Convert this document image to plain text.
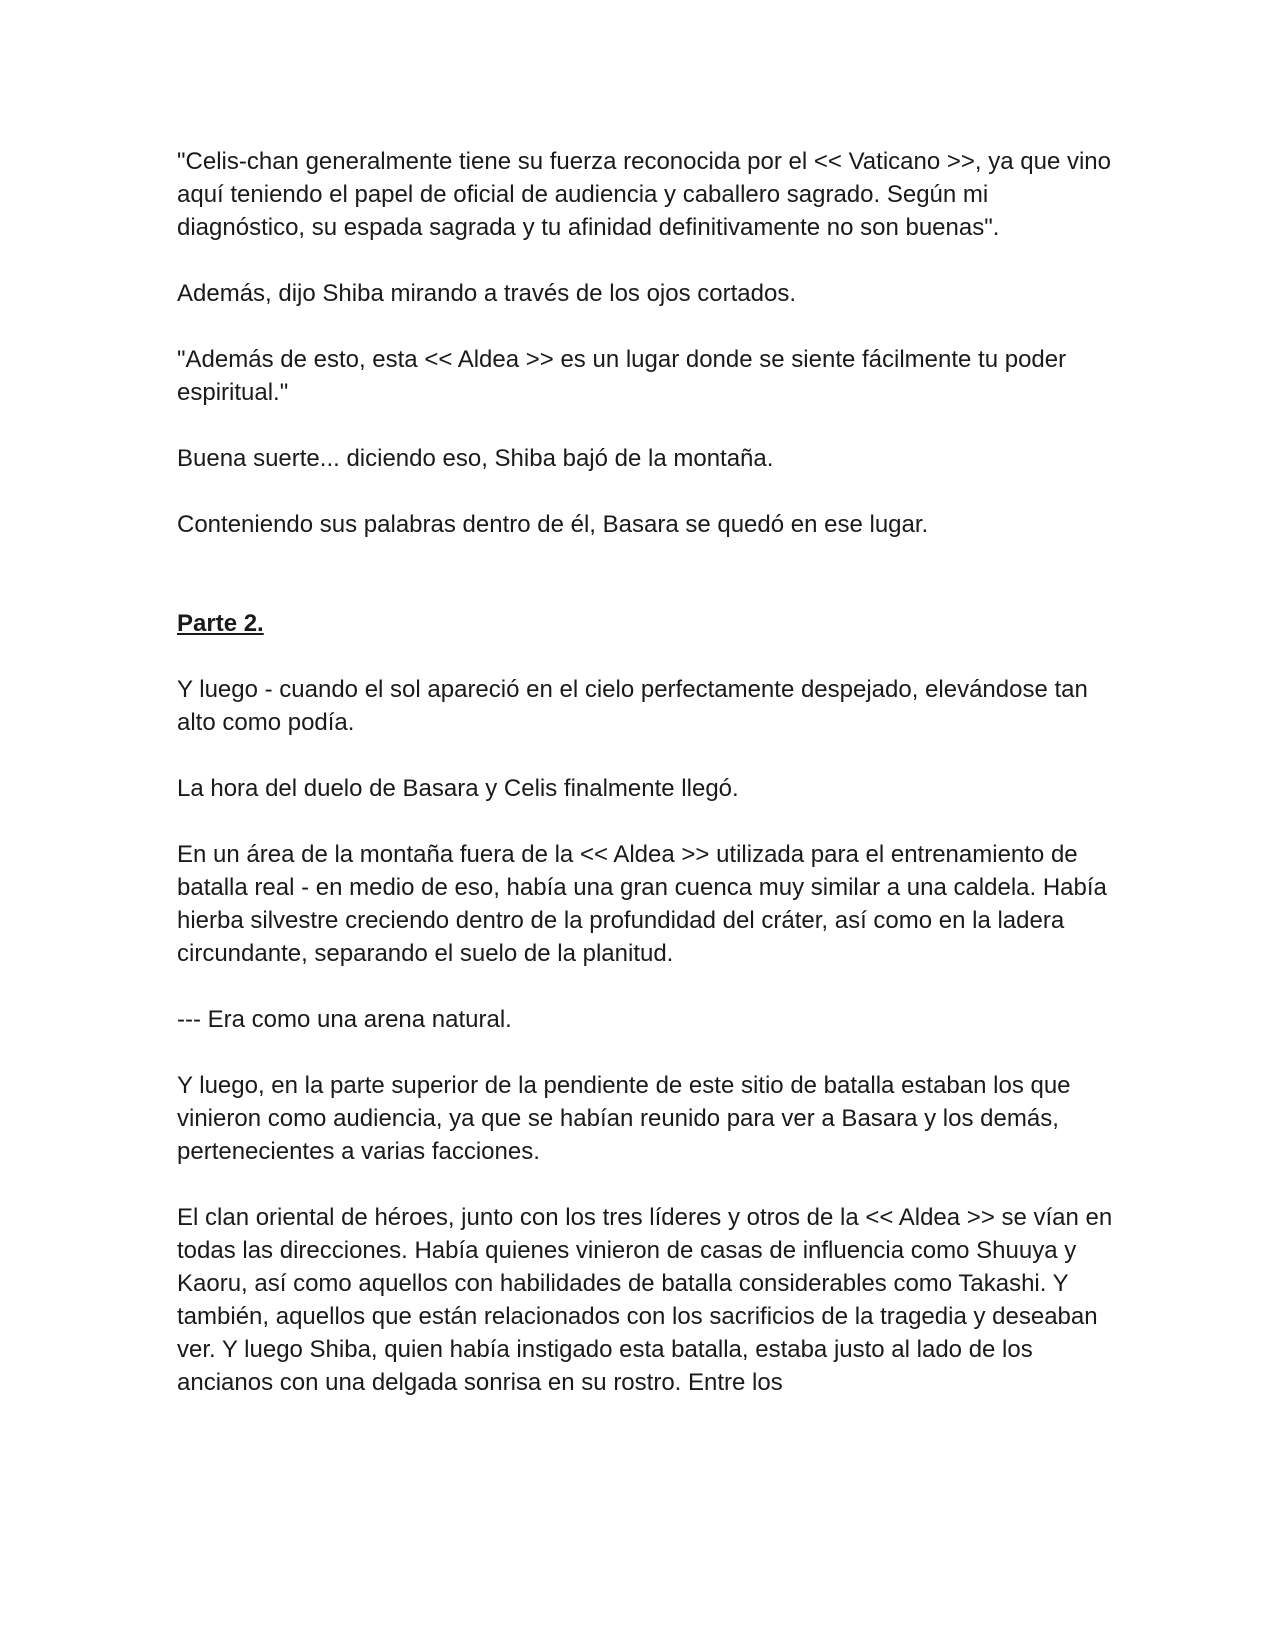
"Celis-chan generalmente tiene su fuerza reconocida por el << Vaticano >>, ya que vino aquí teniendo el papel de oficial de audiencia y caballero sagrado. Según mi diagnóstico, su espada sagrada y tu afinidad definitivamente no son buenas".

Además, dijo Shiba mirando a través de los ojos cortados.

"Además de esto, esta << Aldea >> es un lugar donde se siente fácilmente tu poder espiritual."

Buena suerte... diciendo eso, Shiba bajó de la montaña.

Conteniendo sus palabras dentro de él, Basara se quedó en ese lugar.

Parte 2.

Y luego - cuando el sol apareció en el cielo perfectamente despejado, elevándose tan alto como podía.

La hora del duelo de Basara y Celis finalmente llegó.

En un área de la montaña fuera de la << Aldea >> utilizada para el entrenamiento de batalla real - en medio de eso, había una gran cuenca muy similar a una caldela. Había hierba silvestre creciendo dentro de la profundidad del cráter, así como en la ladera circundante, separando el suelo de la planitud.

--- Era como una arena natural.

Y luego, en la parte superior de la pendiente de este sitio de batalla estaban los que vinieron como audiencia, ya que se habían reunido para ver a Basara y los demás, pertenecientes a varias facciones.

El clan oriental de héroes, junto con los tres líderes y otros de la << Aldea >> se vían en todas las direcciones. Había quienes vinieron de casas de influencia como Shuuya y Kaoru, así como aquellos con habilidades de batalla considerables como Takashi. Y también, aquellos que están relacionados con los sacrificios de la tragedia y deseaban ver. Y luego Shiba, quien había instigado esta batalla, estaba justo al lado de los ancianos con una delgada sonrisa en su rostro. Entre los
